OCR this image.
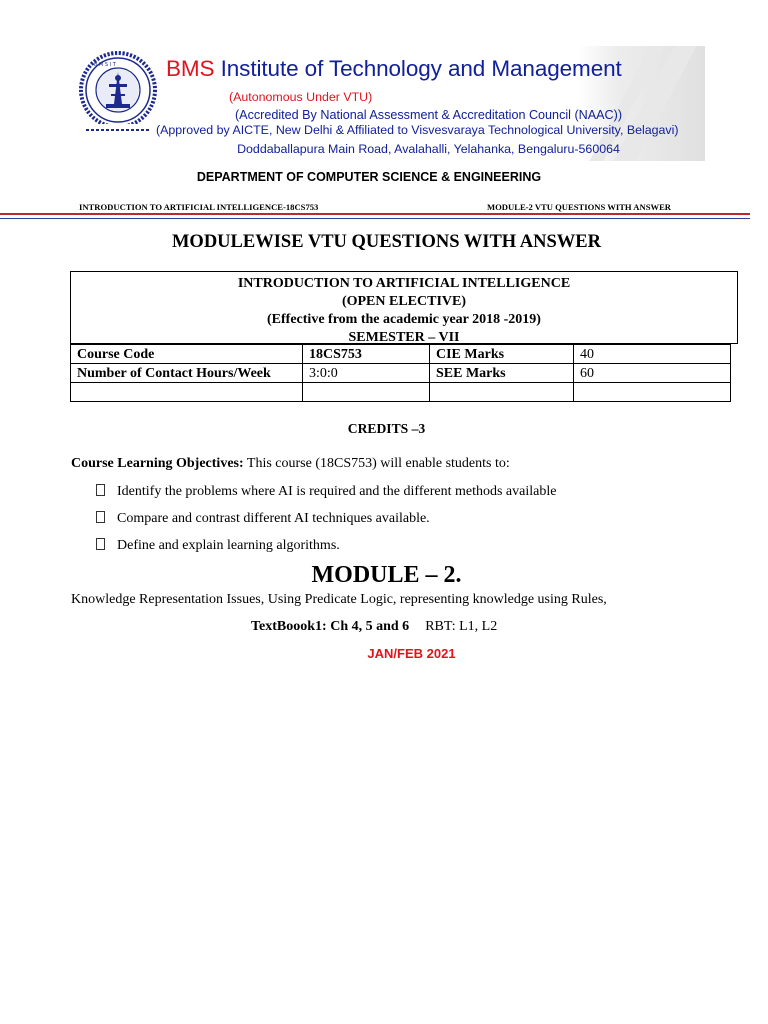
B M S I T BMS Institute of Technology and Management
(Autonomous Under VTU)
(Accredited By National Assessment & Accreditation Council (NAAC))
(Approved by AICTE, New Delhi & Affiliated to Visvesvaraya Technological University, Belagavi)
Doddaballapura Main Road, Avalahalli, Yelahanka, Bengaluru-560064
DEPARTMENT OF COMPUTER SCIENCE & ENGINEERING
INTRODUCTION TO ARTIFICIAL INTELLIGENCE-18CS753	MODULE-2 VTU QUESTIONS WITH ANSWER
MODULEWISE VTU QUESTIONS WITH ANSWER
INTRODUCTION TO ARTIFICIAL INTELLIGENCE
(OPEN ELECTIVE)
(Effective from the academic year 2018 -2019)
SEMESTER – VII
Course Code	18CS753	CIE Marks	40
Number of Contact Hours/Week	3:0:0	SEE Marks	60

CREDITS –3
Course Learning Objectives: This course (18CS753) will enable students to:
Identify the problems where AI is required and the different methods available
Compare and contrast different AI techniques available.
Define and explain learning algorithms.
MODULE – 2.
Knowledge Representation Issues, Using Predicate Logic, representing knowledge using Rules,
TextBoook1: Ch 4, 5 and 6 RBT: L1, L2
JAN/FEB 2021
